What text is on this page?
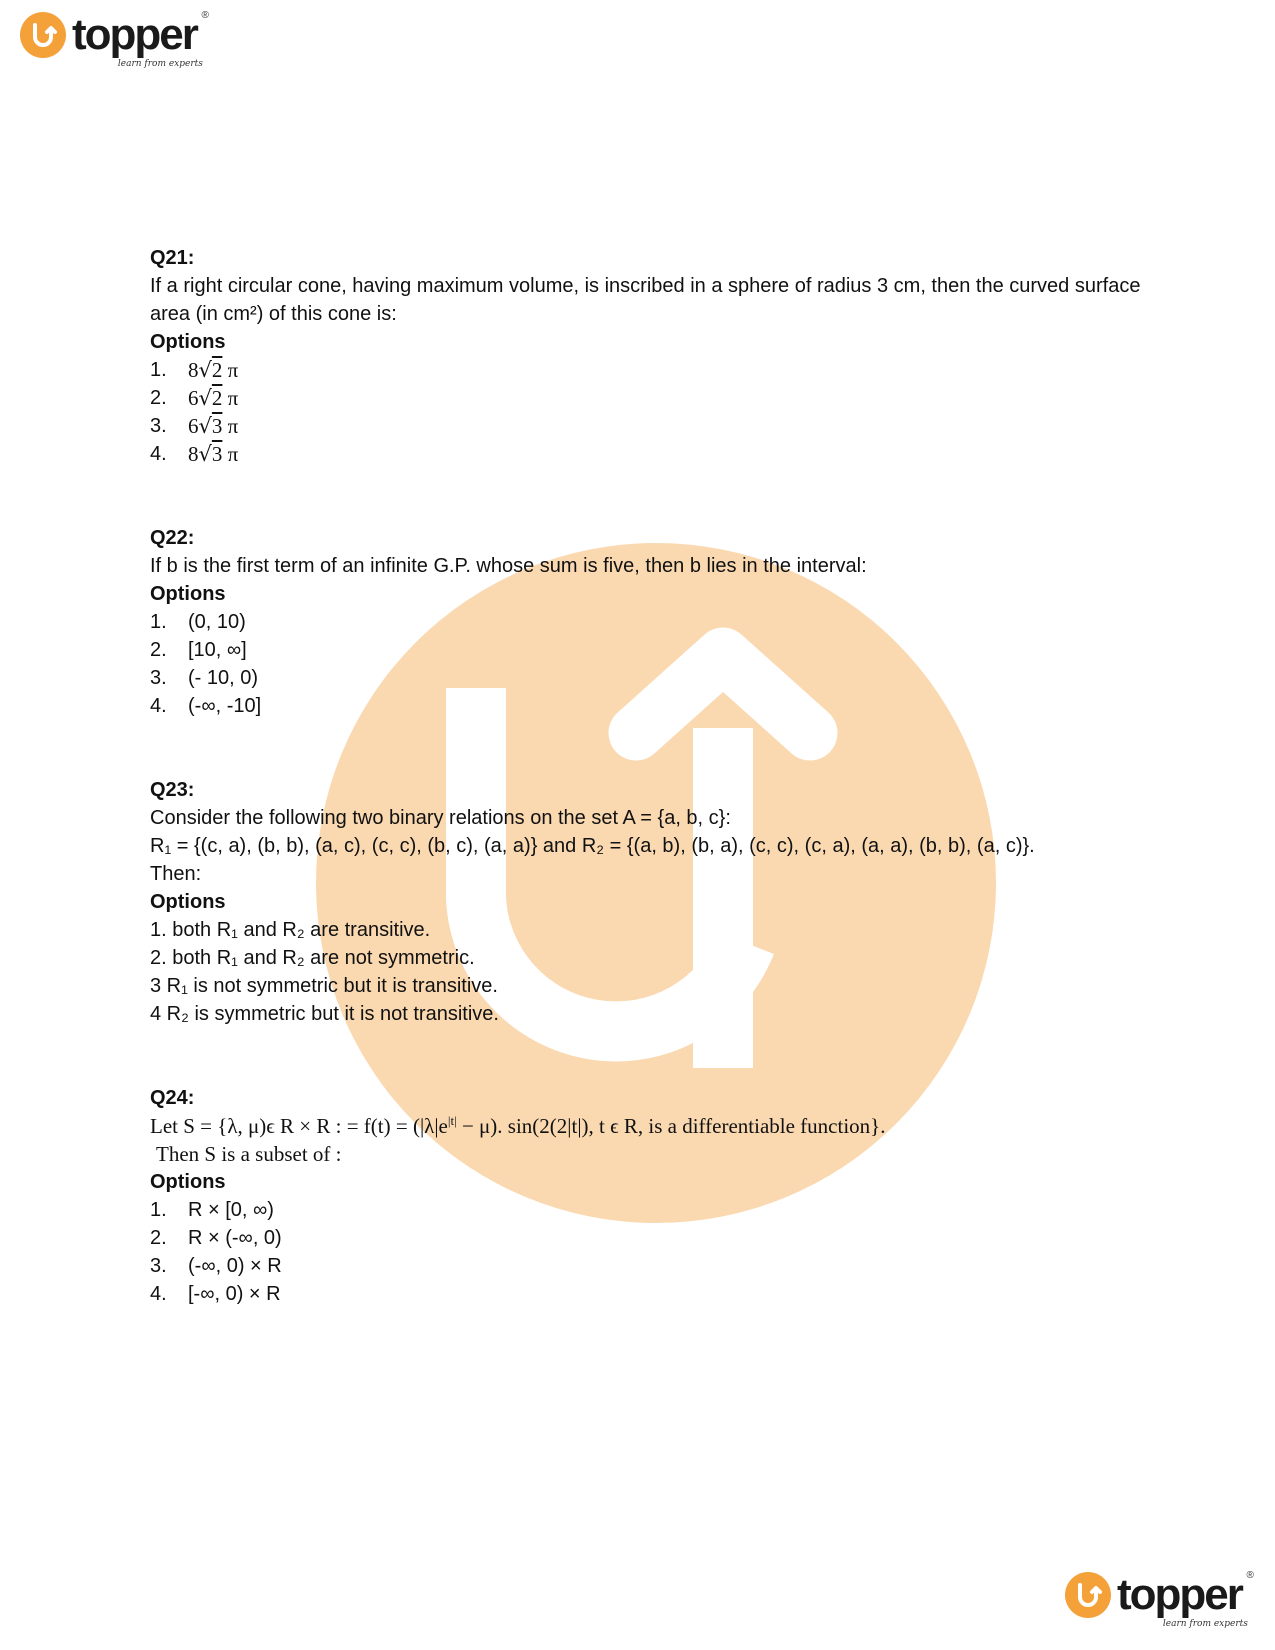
topper ®
learn from experts
Q21:
If a right circular cone, having maximum volume, is inscribed in a sphere of radius 3 cm, then the curved surface area (in cm²) of this cone is:
Options
1.	8√2 π
2.	6√2 π
3.	6√3 π
4.	8√3 π
Q22:
If b is the first term of an infinite G.P. whose sum is five, then b lies in the interval:
Options
1.	(0, 10)
2.	[10, ∞]
3.	(- 10, 0)
4.	(-∞, -10]
Q23:
Consider the following two binary relations on the set A = {a, b, c}:
R₁ = {(c, a), (b, b), (a, c), (c, c), (b, c), (a, a)} and R₂ = {(a, b), (b, a), (c, c), (c, a), (a, a), (b, b), (a, c)}.
Then:
Options
1. both R₁ and R₂ are transitive.
2. both R₁ and R₂ are not symmetric.
3 R₁ is not symmetric but it is transitive.
4 R₂ is symmetric but it is not transitive.
Q24:
Let S = {λ, μ)ϵ R × R : = $f(t) = (|\lambda|e^{|t|} - \mu)$. sin(2(2|t|), t ϵ R, is a differentiable function}.
Then S is a subset of :
Options
1.	R × [0, ∞)
2.	R × (-∞, 0)
3.	(-∞, 0) × R
4.	[-∞, 0) × R
topper ®
learn from experts
